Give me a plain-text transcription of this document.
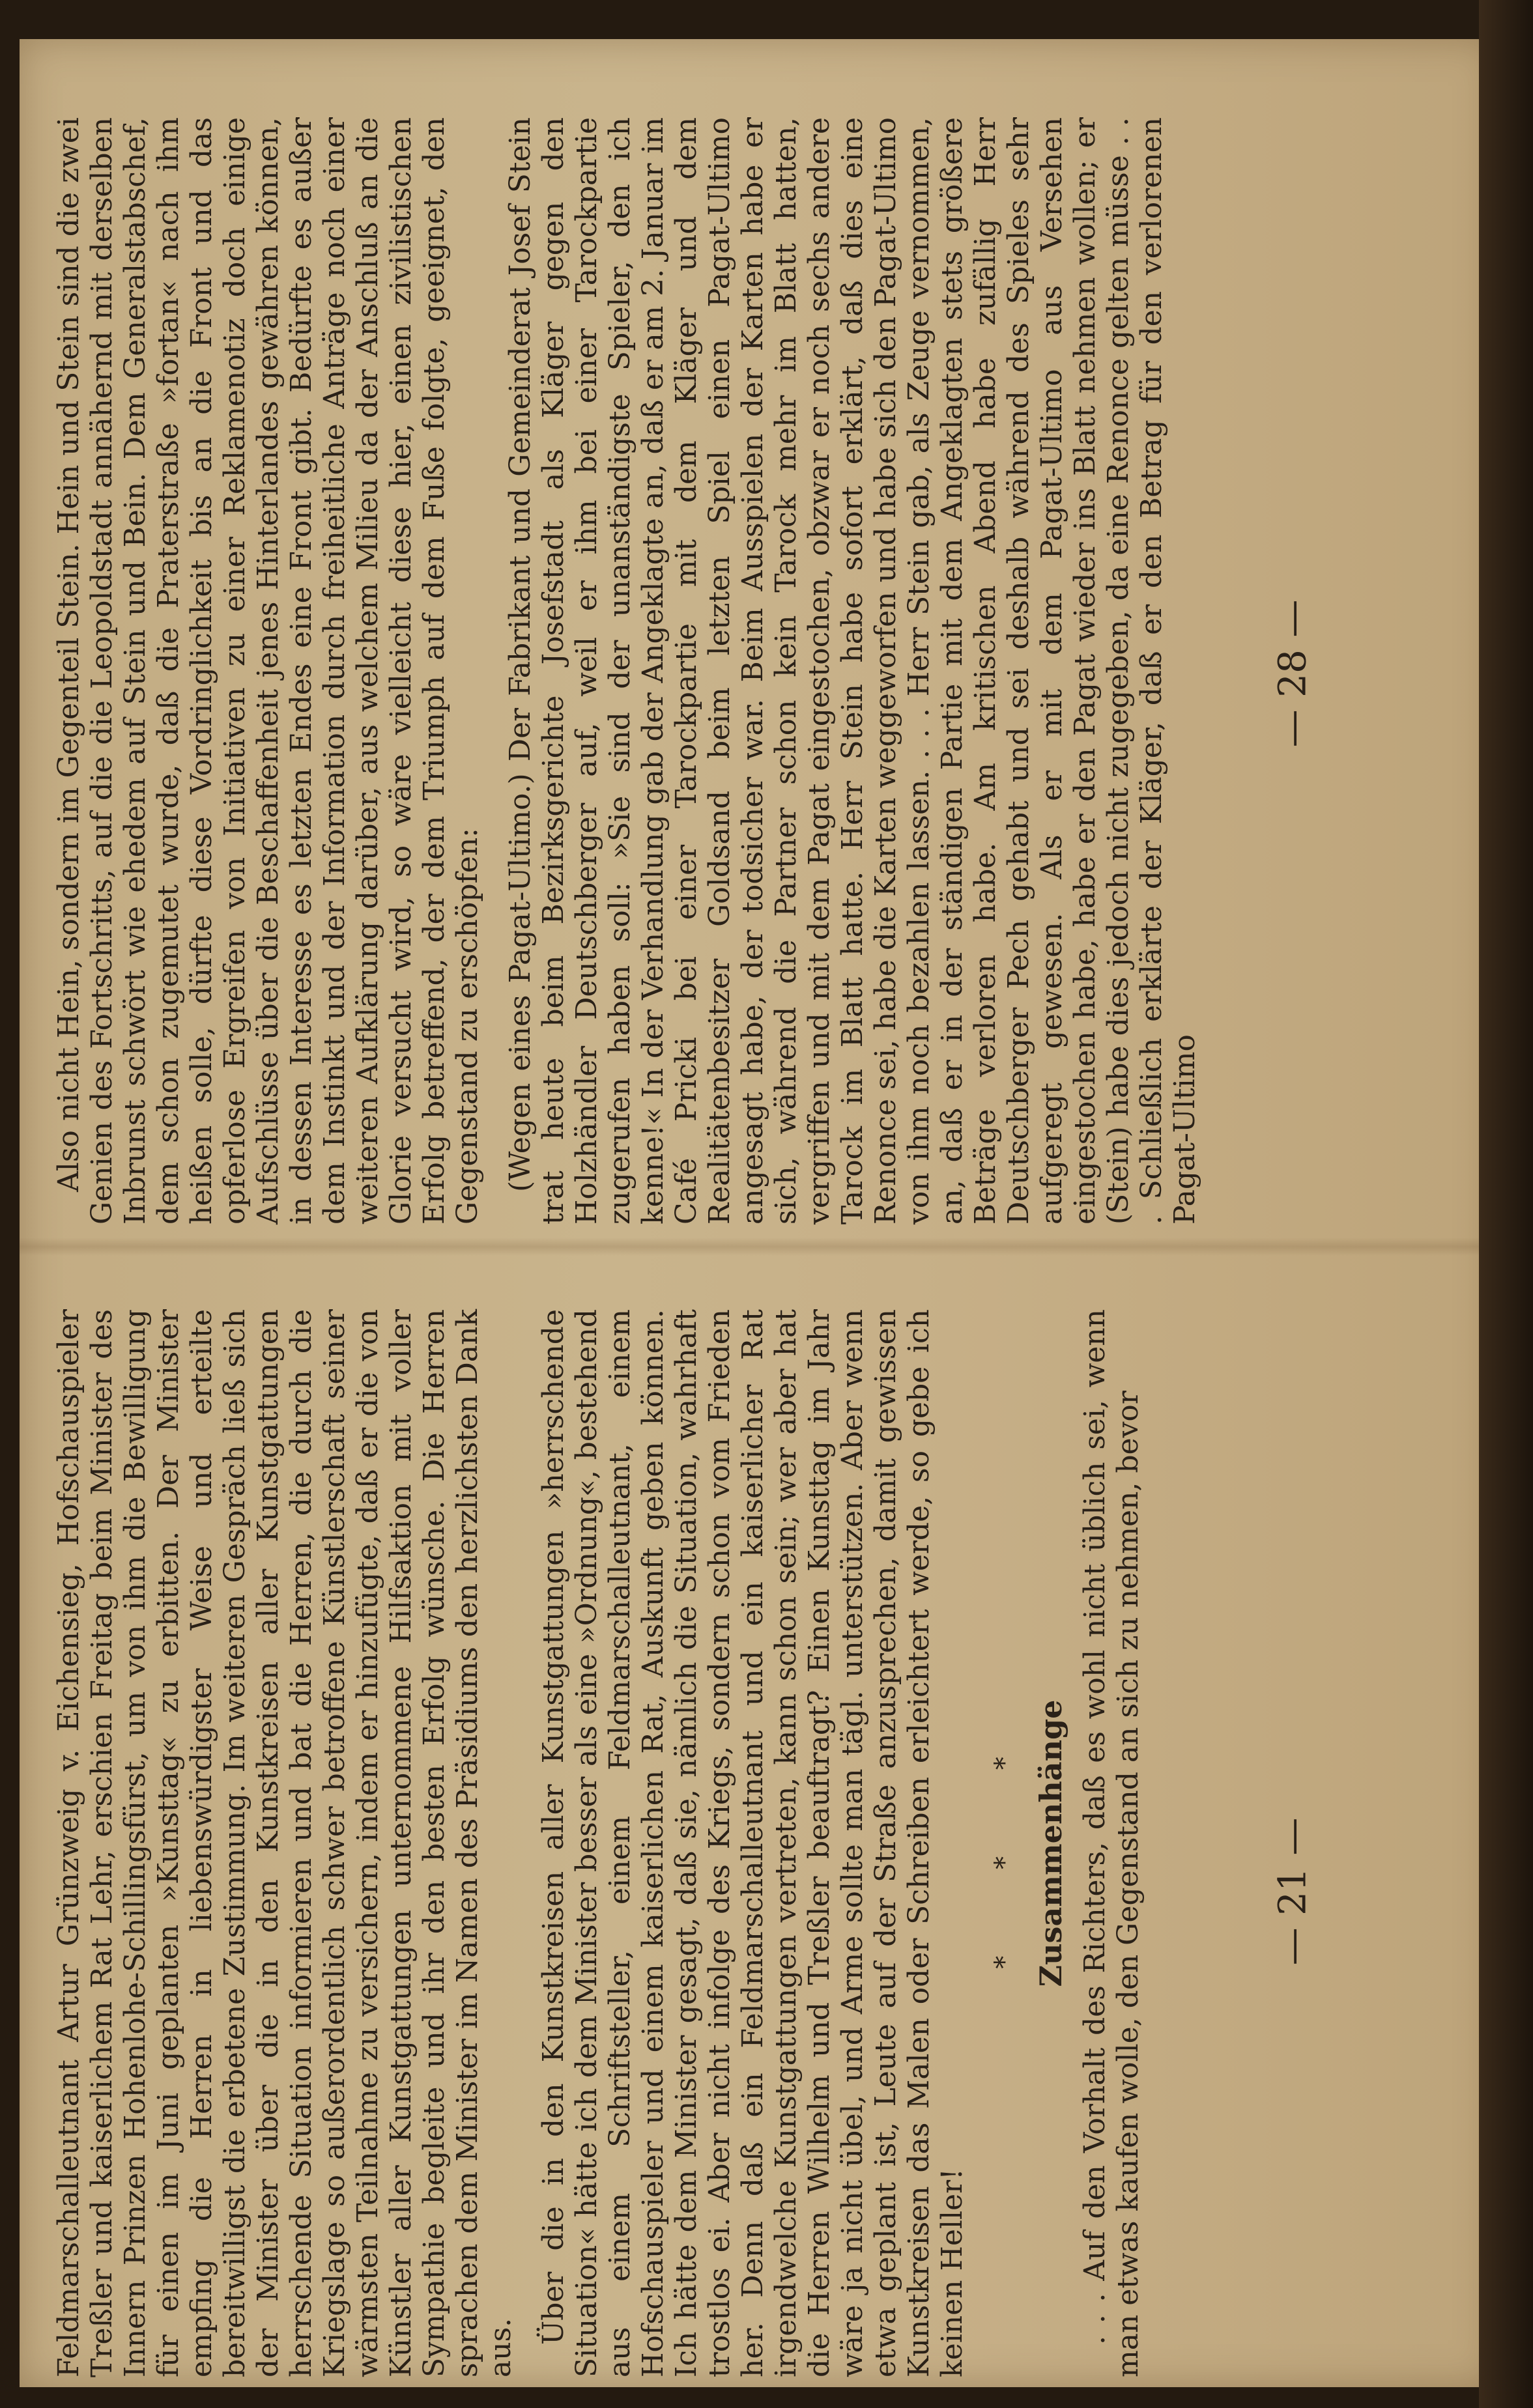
Also nicht Hein, sondern im Gegenteil Stein. Hein und Stein sind die zwei Genien des Fortschritts, auf die die Leopoldstadt annähernd mit derselben Inbrunst schwört wie ehedem auf Stein und Bein. Dem Generalstabschef, dem schon zugemutet wurde, daß die Praterstraße »fortan« nach ihm heißen solle, dürfte diese Vordringlichkeit bis an die Front und das opferlose Ergreifen von Initiativen zu einer Reklamenotiz doch einige Aufschlüsse über die Beschaffenheit jenes Hinterlandes gewähren können, in dessen Interesse es letzten Endes eine Front gibt. Bedürfte es außer dem Instinkt und der Information durch freiheitliche Anträge noch einer weiteren Aufklärung darüber, aus welchem Milieu da der Anschluß an die Glorie versucht wird, so wäre vielleicht diese hier, einen zivilistischen Erfolg betreffend, der dem Triumph auf dem Fuße folgte, geeignet, den Gegenstand zu erschöpfen: (Wegen eines Pagat-Ultimo.) Der Fabrikant und Gemeinderat Josef Stein trat heute beim Bezirksgerichte Josefstadt als Kläger gegen den Holzhändler Deutschberger auf, weil er ihm bei einer Tarockpartie zugerufen haben soll: »Sie sind der unanständigste Spieler, den ich kenne!« In der Verhandlung gab der Angeklagte an, daß er am 2. Januar im Café Pricki bei einer Tarockpartie mit dem Kläger und dem Realitätenbesitzer Goldsand beim letzten Spiel einen Pagat-Ultimo angesagt habe, der todsicher war. Beim Ausspielen der Karten habe er sich, während die Partner schon kein Tarock mehr im Blatt hatten, vergriffen und mit dem Pagat eingestochen, obzwar er noch sechs andere Tarock im Blatt hatte. Herr Stein habe sofort erklärt, daß dies eine Renonce sei, habe die Karten weggeworfen und habe sich den Pagat-Ultimo von ihm noch bezahlen lassen. . . . Herr Stein gab, als Zeuge vernommen, an, daß er in der ständigen Partie mit dem Angeklagten stets größere Beträge verloren habe. Am kritischen Abend habe zufällig Herr Deutschberger Pech gehabt und sei deshalb während des Spieles sehr aufgeregt gewesen. Als er mit dem Pagat-Ultimo aus Versehen eingestochen habe, habe er den Pagat wieder ins Blatt nehmen wollen; er (Stein) habe dies jedoch nicht zugegeben, da eine Renonce gelten müsse . . . Schließlich erklärte der Kläger, daß er den Betrag für den verlorenen Pagat-Ultimo

— 28 —

Feldmarschalleutnant Artur Grünzweig v. Eichensieg, Hofschauspieler Treßler und kaiserlichem Rat Lehr, erschien Freitag beim Minister des Innern Prinzen Hohenlohe-Schillingsfürst, um von ihm die Bewilligung für einen im Juni geplanten »Kunsttag« zu erbitten. Der Minister empfing die Herren in liebenswürdigster Weise und erteilte bereitwilligst die erbetene Zustimmung. Im weiteren Gespräch ließ sich der Minister über die in den Kunstkreisen aller Kunstgattungen herrschende Situation informieren und bat die Herren, die durch die Kriegslage so außerordentlich schwer betroffene Künstlerschaft seiner wärmsten Teilnahme zu versichern, indem er hinzufügte, daß er die von Künstler aller Kunstgattungen unternommene Hilfsaktion mit voller Sympathie begleite und ihr den besten Erfolg wünsche. Die Herren sprachen dem Minister im Namen des Präsidiums den herzlichsten Dank aus.

Über die in den Kunstkreisen aller Kunstgattungen »herrschende Situation« hätte ich dem Minister besser als eine »Ordnung«, bestehend aus einem Schriftsteller, einem Feldmarschalleutnant, einem Hofschauspieler und einem kaiserlichen Rat, Auskunft geben können. Ich hätte dem Minister gesagt, daß sie, nämlich die Situation, wahrhaft trostlos ei. Aber nicht infolge des Kriegs, sondern schon vom Frieden her. Denn daß ein Feldmarschalleutnant und ein kaiserlicher Rat irgendwelche Kunstgattungen vertreten, kann schon sein; wer aber hat die Herren Wilhelm und Treßler beauftragt? Einen Kunsttag im Jahr wäre ja nicht übel, und Arme sollte man tägl. unterstützen. Aber wenn etwa geplant ist, Leute auf der Straße anzusprechen, damit gewissen Kunstkreisen das Malen oder Schreiben erleichtert werde, so gebe ich keinen Heller!

* * * Zusammenhänge . . . Auf den Vorhalt des Richters, daß es wohl nicht üblich sei, wenn man etwas kaufen wolle, den Gegenstand an sich zu nehmen, bevor	— 21 —
